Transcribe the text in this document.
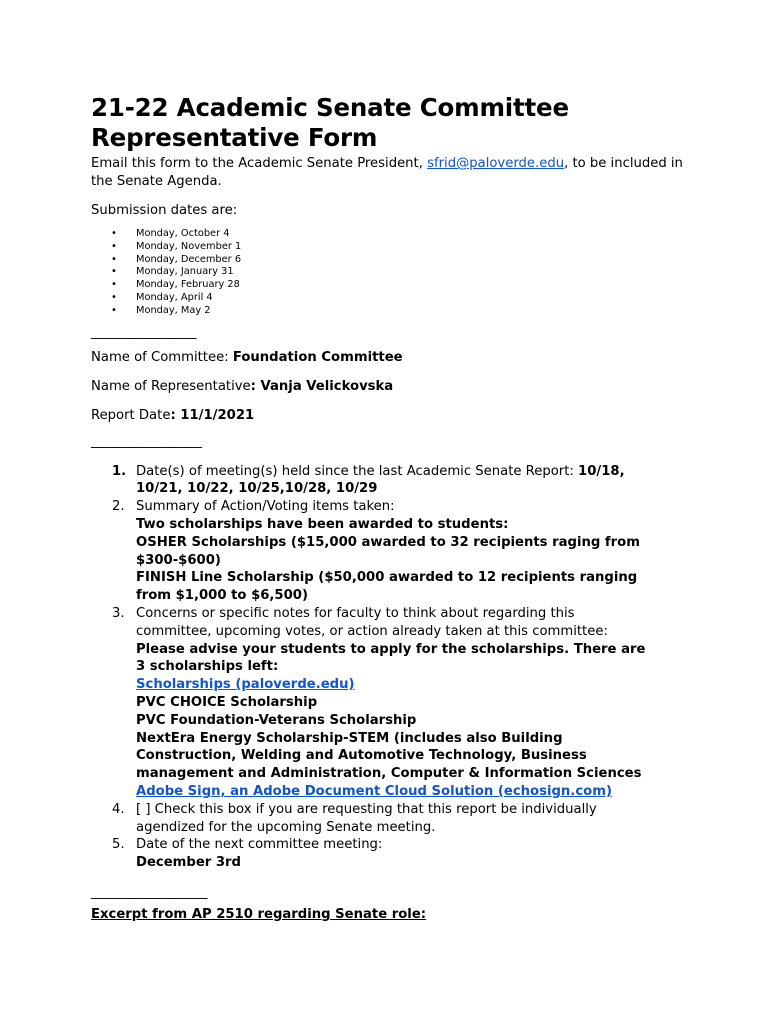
21-22 Academic Senate Committee
Representative Form

Email this form to the Academic Senate President, sfrid@paloverde.edu, to be included in the Senate Agenda.

Submission dates are:

• Monday, October 4
• Monday, November 1
• Monday, December 6
• Monday, January 31
• Monday, February 28
• Monday, April 4
• Monday, May 2
___________________

Name of Committee: Foundation Committee

Name of Representative: Vanja Velickovska

Report Date: 11/1/2021

____________________
1. Date(s) of meeting(s) held since the last Academic Senate Report: 10/18,
10/21, 10/22, 10/25,10/28, 10/29
2. Summary of Action/Voting items taken:
Two scholarships have been awarded to students:
OSHER Scholarships ($15,000 awarded to 32 recipients raging from
$300-$600)
FINISH Line Scholarship ($50,000 awarded to 12 recipients ranging
from $1,000 to $6,500)
3. Concerns or specific notes for faculty to think about regarding this
committee, upcoming votes, or action already taken at this committee:
Please advise your students to apply for the scholarships. There are
3 scholarships left:
Scholarships (paloverde.edu)
PVC CHOICE Scholarship
PVC Foundation-Veterans Scholarship
NextEra Energy Scholarship-STEM (includes also Building
Construction, Welding and Automotive Technology, Business
management and Administration, Computer & Information Sciences
Adobe Sign, an Adobe Document Cloud Solution (echosign.com)
4. [ ] Check this box if you are requesting that this report be individually
agendized for the upcoming Senate meeting.
5. Date of the next committee meeting:
December 3rd
_____________________

Excerpt from AP 2510 regarding Senate role:
